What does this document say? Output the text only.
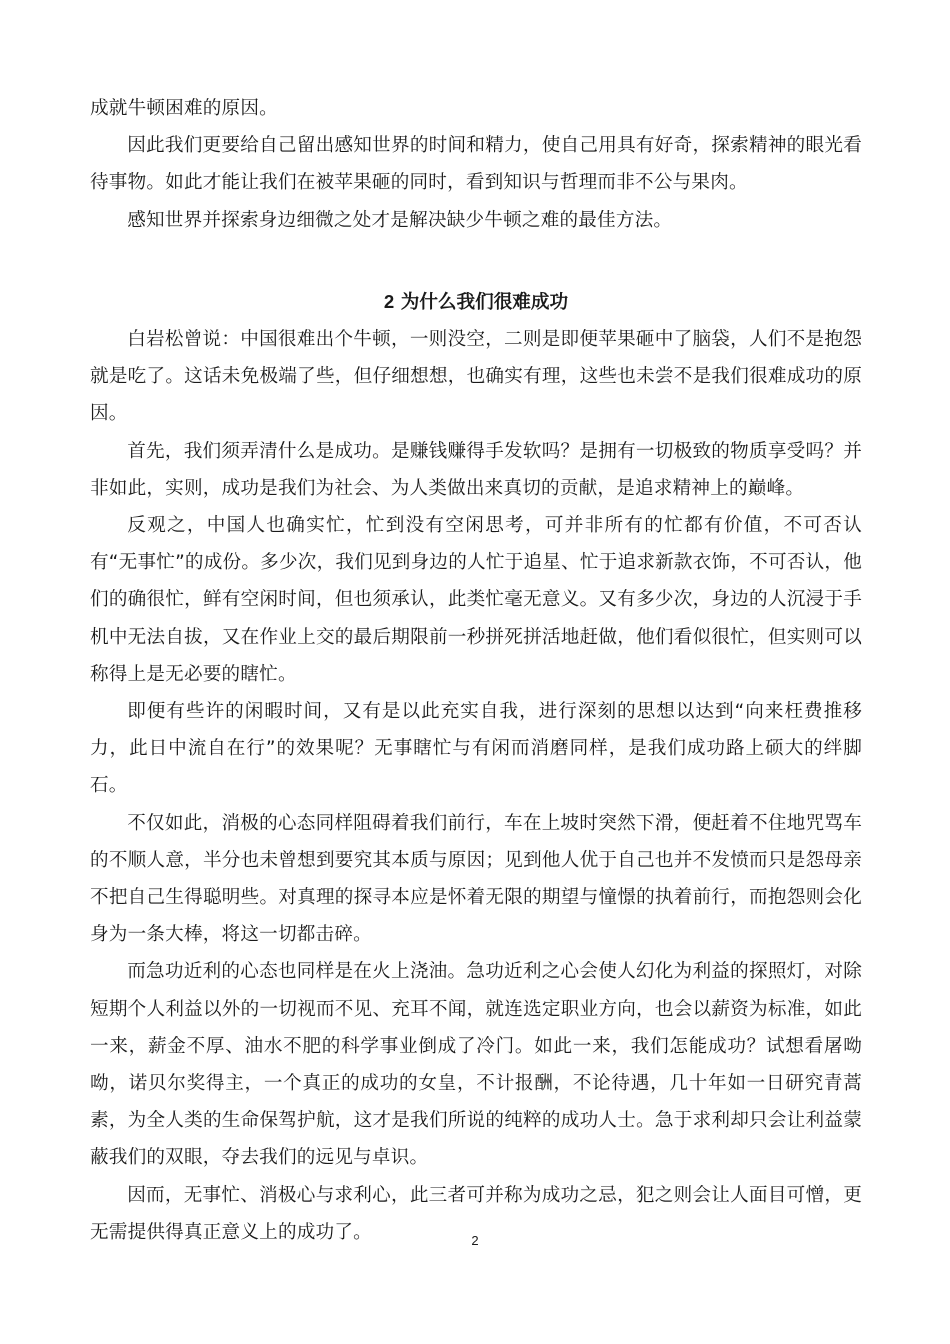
成就牛顿困难的原因。

因此我们更要给自己留出感知世界的时间和精力，使自己用具有好奇，探索精神的眼光看待事物。如此才能让我们在被苹果砸的同时，看到知识与哲理而非不公与果肉。

感知世界并探索身边细微之处才是解决缺少牛顿之难的最佳方法。

2 为什么我们很难成功

白岩松曾说：中国很难出个牛顿，一则没空，二则是即便苹果砸中了脑袋，人们不是抱怨就是吃了。这话未免极端了些，但仔细想想，也确实有理，这些也未尝不是我们很难成功的原因。

首先，我们须弄清什么是成功。是赚钱赚得手发软吗？是拥有一切极致的物质享受吗？并非如此，实则，成功是我们为社会、为人类做出来真切的贡献，是追求精神上的巅峰。

反观之，中国人也确实忙，忙到没有空闲思考，可并非所有的忙都有价值，不可否认有“无事忙”的成份。多少次，我们见到身边的人忙于追星、忙于追求新款衣饰，不可否认，他们的确很忙，鲜有空闲时间，但也须承认，此类忙毫无意义。又有多少次，身边的人沉浸于手机中无法自拔，又在作业上交的最后期限前一秒拼死拼活地赶做，他们看似很忙，但实则可以称得上是无必要的瞎忙。

即便有些许的闲暇时间，又有是以此充实自我，进行深刻的思想以达到“向来枉费推移力，此日中流自在行”的效果呢？无事瞎忙与有闲而消磨同样，是我们成功路上硕大的绊脚石。

不仅如此，消极的心态同样阻碍着我们前行，车在上坡时突然下滑，便赶着不住地咒骂车的不顺人意，半分也未曾想到要究其本质与原因；见到他人优于自己也并不发愤而只是怨母亲不把自己生得聪明些。对真理的探寻本应是怀着无限的期望与憧憬的执着前行，而抱怨则会化身为一条大棒，将这一切都击碎。

而急功近利的心态也同样是在火上浇油。急功近利之心会使人幻化为利益的探照灯，对除短期个人利益以外的一切视而不见、充耳不闻，就连选定职业方向，也会以薪资为标准，如此一来，薪金不厚、油水不肥的科学事业倒成了冷门。如此一来，我们怎能成功？试想看屠呦呦，诺贝尔奖得主，一个真正的成功的女皇，不计报酬，不论待遇，几十年如一日研究青蒿素，为全人类的生命保驾护航，这才是我们所说的纯粹的成功人士。急于求利却只会让利益蒙蔽我们的双眼，夺去我们的远见与卓识。

因而，无事忙、消极心与求利心，此三者可并称为成功之忌，犯之则会让人面目可憎，更无需提供得真正意义上的成功了。	2
